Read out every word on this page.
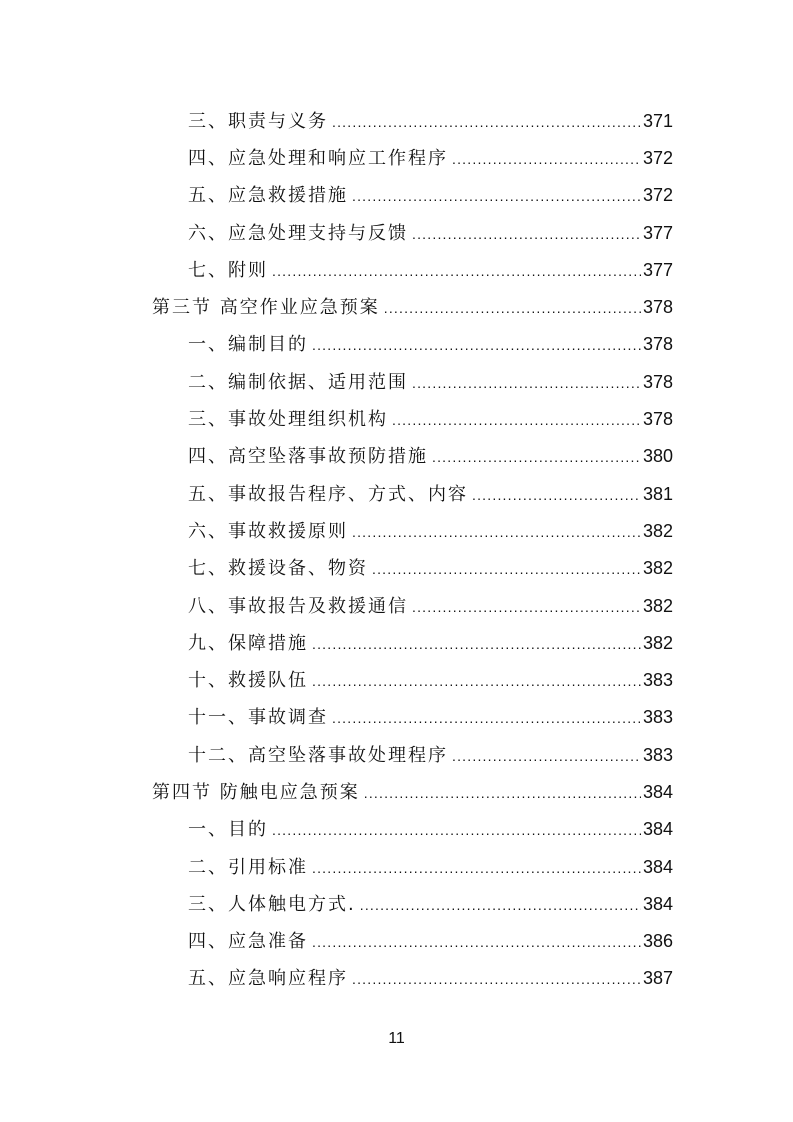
三、职责与义务 .....	371
四、应急处理和响应工作程序 .....	372
五、应急救援措施 .....	372
六、应急处理支持与反馈 .....	377
七、附则 .....	377
第三节 高空作业应急预案 .....	378
一、编制目的 .....	378
二、编制依据、适用范围 .....	378
三、事故处理组织机构 .....	378
四、高空坠落事故预防措施 .....	380
五、事故报告程序、方式、内容 .....	381
六、事故救援原则 .....	382
七、救援设备、物资 .....	382
八、事故报告及救援通信 .....	382
九、保障措施 .....	382
十、救援队伍 .....	383
十一、事故调查 .....	383
十二、高空坠落事故处理程序 .....	383
第四节 防触电应急预案 .....	384
一、目的 .....	384
二、引用标准 .....	384
三、人体触电方式. .....	384
四、应急准备 .....	386
五、应急响应程序 .....	387
11
